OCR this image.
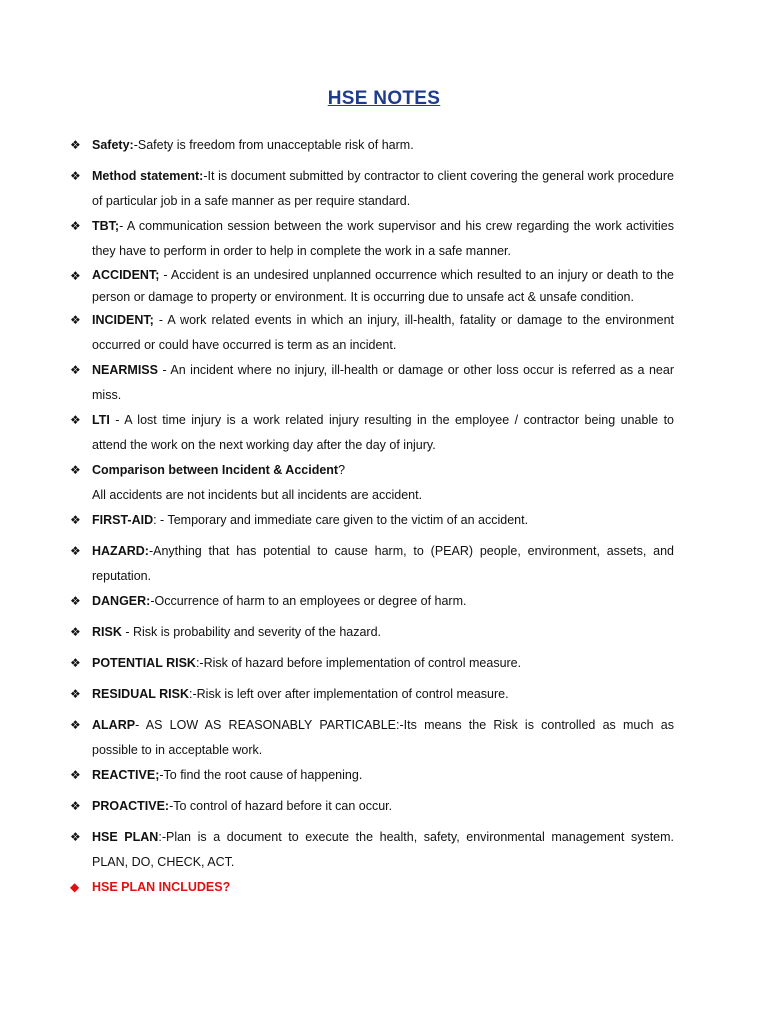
HSE NOTES
❖ Safety:-Safety is freedom from unacceptable risk of harm.
❖ Method statement:-It is document submitted by contractor to client covering the general work procedure of particular job in a safe manner as per require standard.
❖ TBT;- A communication session between the work supervisor and his crew regarding the work activities they have to perform in order to help in complete the work in a safe manner.
❖ ACCIDENT; - Accident is an undesired unplanned occurrence which resulted to an injury or death to the person or damage to property or environment. It is occurring due to unsafe act & unsafe condition.
❖ INCIDENT; - A work related events in which an injury, ill-health, fatality or damage to the environment occurred or could have occurred is term as an incident.
❖ NEARMISS - An incident where no injury, ill-health or damage or other loss occur is referred as a near miss.
❖ LTI - A lost time injury is a work related injury resulting in the employee / contractor being unable to attend the work on the next working day after the day of injury.
❖ Comparison between Incident & Accident?
All accidents are not incidents but all incidents are accident.
❖ FIRST-AID: - Temporary and immediate care given to the victim of an accident.
❖ HAZARD:-Anything that has potential to cause harm, to (PEAR) people, environment, assets, and reputation.
❖ DANGER:-Occurrence of harm to an employees or degree of harm.
❖ RISK - Risk is probability and severity of the hazard.
❖ POTENTIAL RISK:-Risk of hazard before implementation of control measure.
❖ RESIDUAL RISK:-Risk is left over after implementation of control measure.
❖ ALARP- AS LOW AS REASONABLY PARTICABLE:-Its means the Risk is controlled as much as possible to in acceptable work.
❖ REACTIVE;-To find the root cause of happening.
❖ PROACTIVE:-To control of hazard before it can occur.
❖ HSE PLAN:-Plan is a document to execute the health, safety, environmental management system. PLAN, DO, CHECK, ACT.
◆	HSE PLAN INCLUDES?
